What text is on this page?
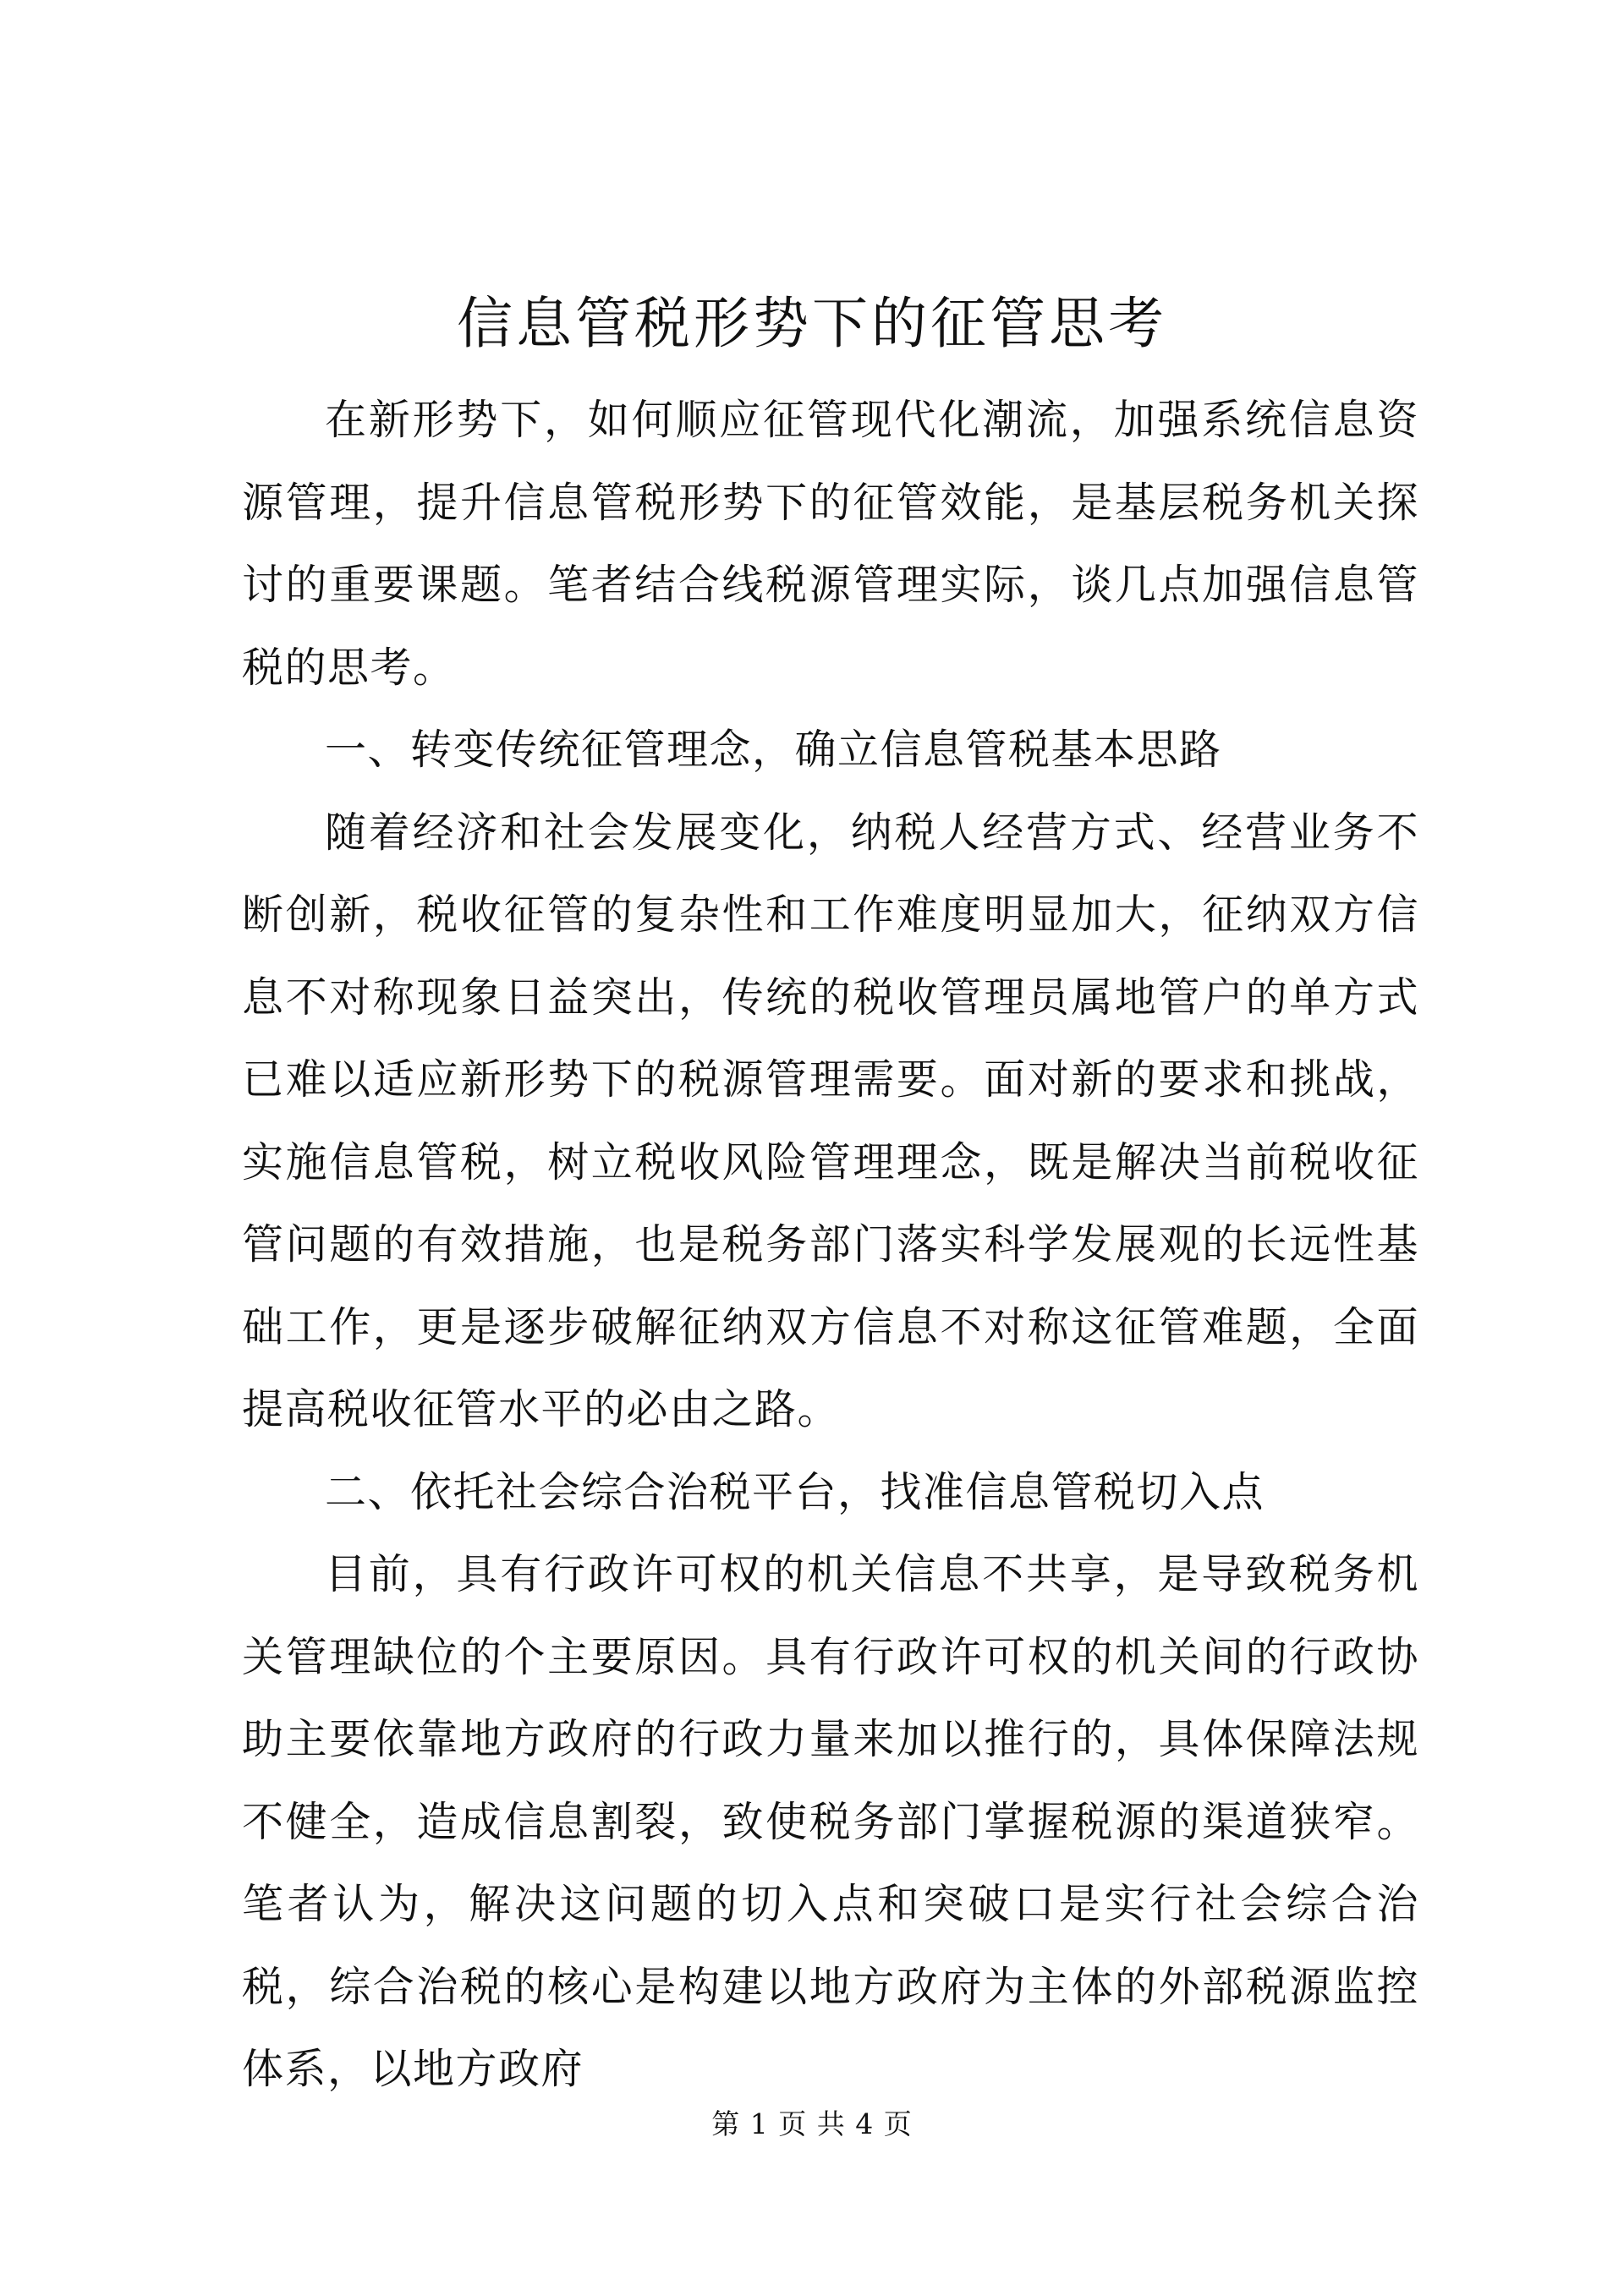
信息管税形势下的征管思考

在新形势下，如何顺应征管现代化潮流，加强系统信息资源管理，提升信息管税形势下的征管效能，是基层税务机关探讨的重要课题。笔者结合线税源管理实际，谈几点加强信息管税的思考。

一、转变传统征管理念，确立信息管税基本思路

随着经济和社会发展变化，纳税人经营方式、经营业务不断创新，税收征管的复杂性和工作难度明显加大，征纳双方信息不对称现象日益突出，传统的税收管理员属地管户的单方式已难以适应新形势下的税源管理需要。面对新的要求和挑战，实施信息管税，树立税收风险管理理念，既是解决当前税收征管问题的有效措施，也是税务部门落实科学发展观的长远性基础工作，更是逐步破解征纳双方信息不对称这征管难题，全面提高税收征管水平的必由之路。

二、依托社会综合治税平台，找准信息管税切入点

目前，具有行政许可权的机关信息不共享，是导致税务机关管理缺位的个主要原因。具有行政许可权的机关间的行政协助主要依靠地方政府的行政力量来加以推行的，具体保障法规不健全，造成信息割裂，致使税务部门掌握税源的渠道狭窄。笔者认为，解决这问题的切入点和突破口是实行社会综合治税，综合治税的核心是构建以地方政府为主体的外部税源监控体系，以地方政府

第 1 页 共 4 页
